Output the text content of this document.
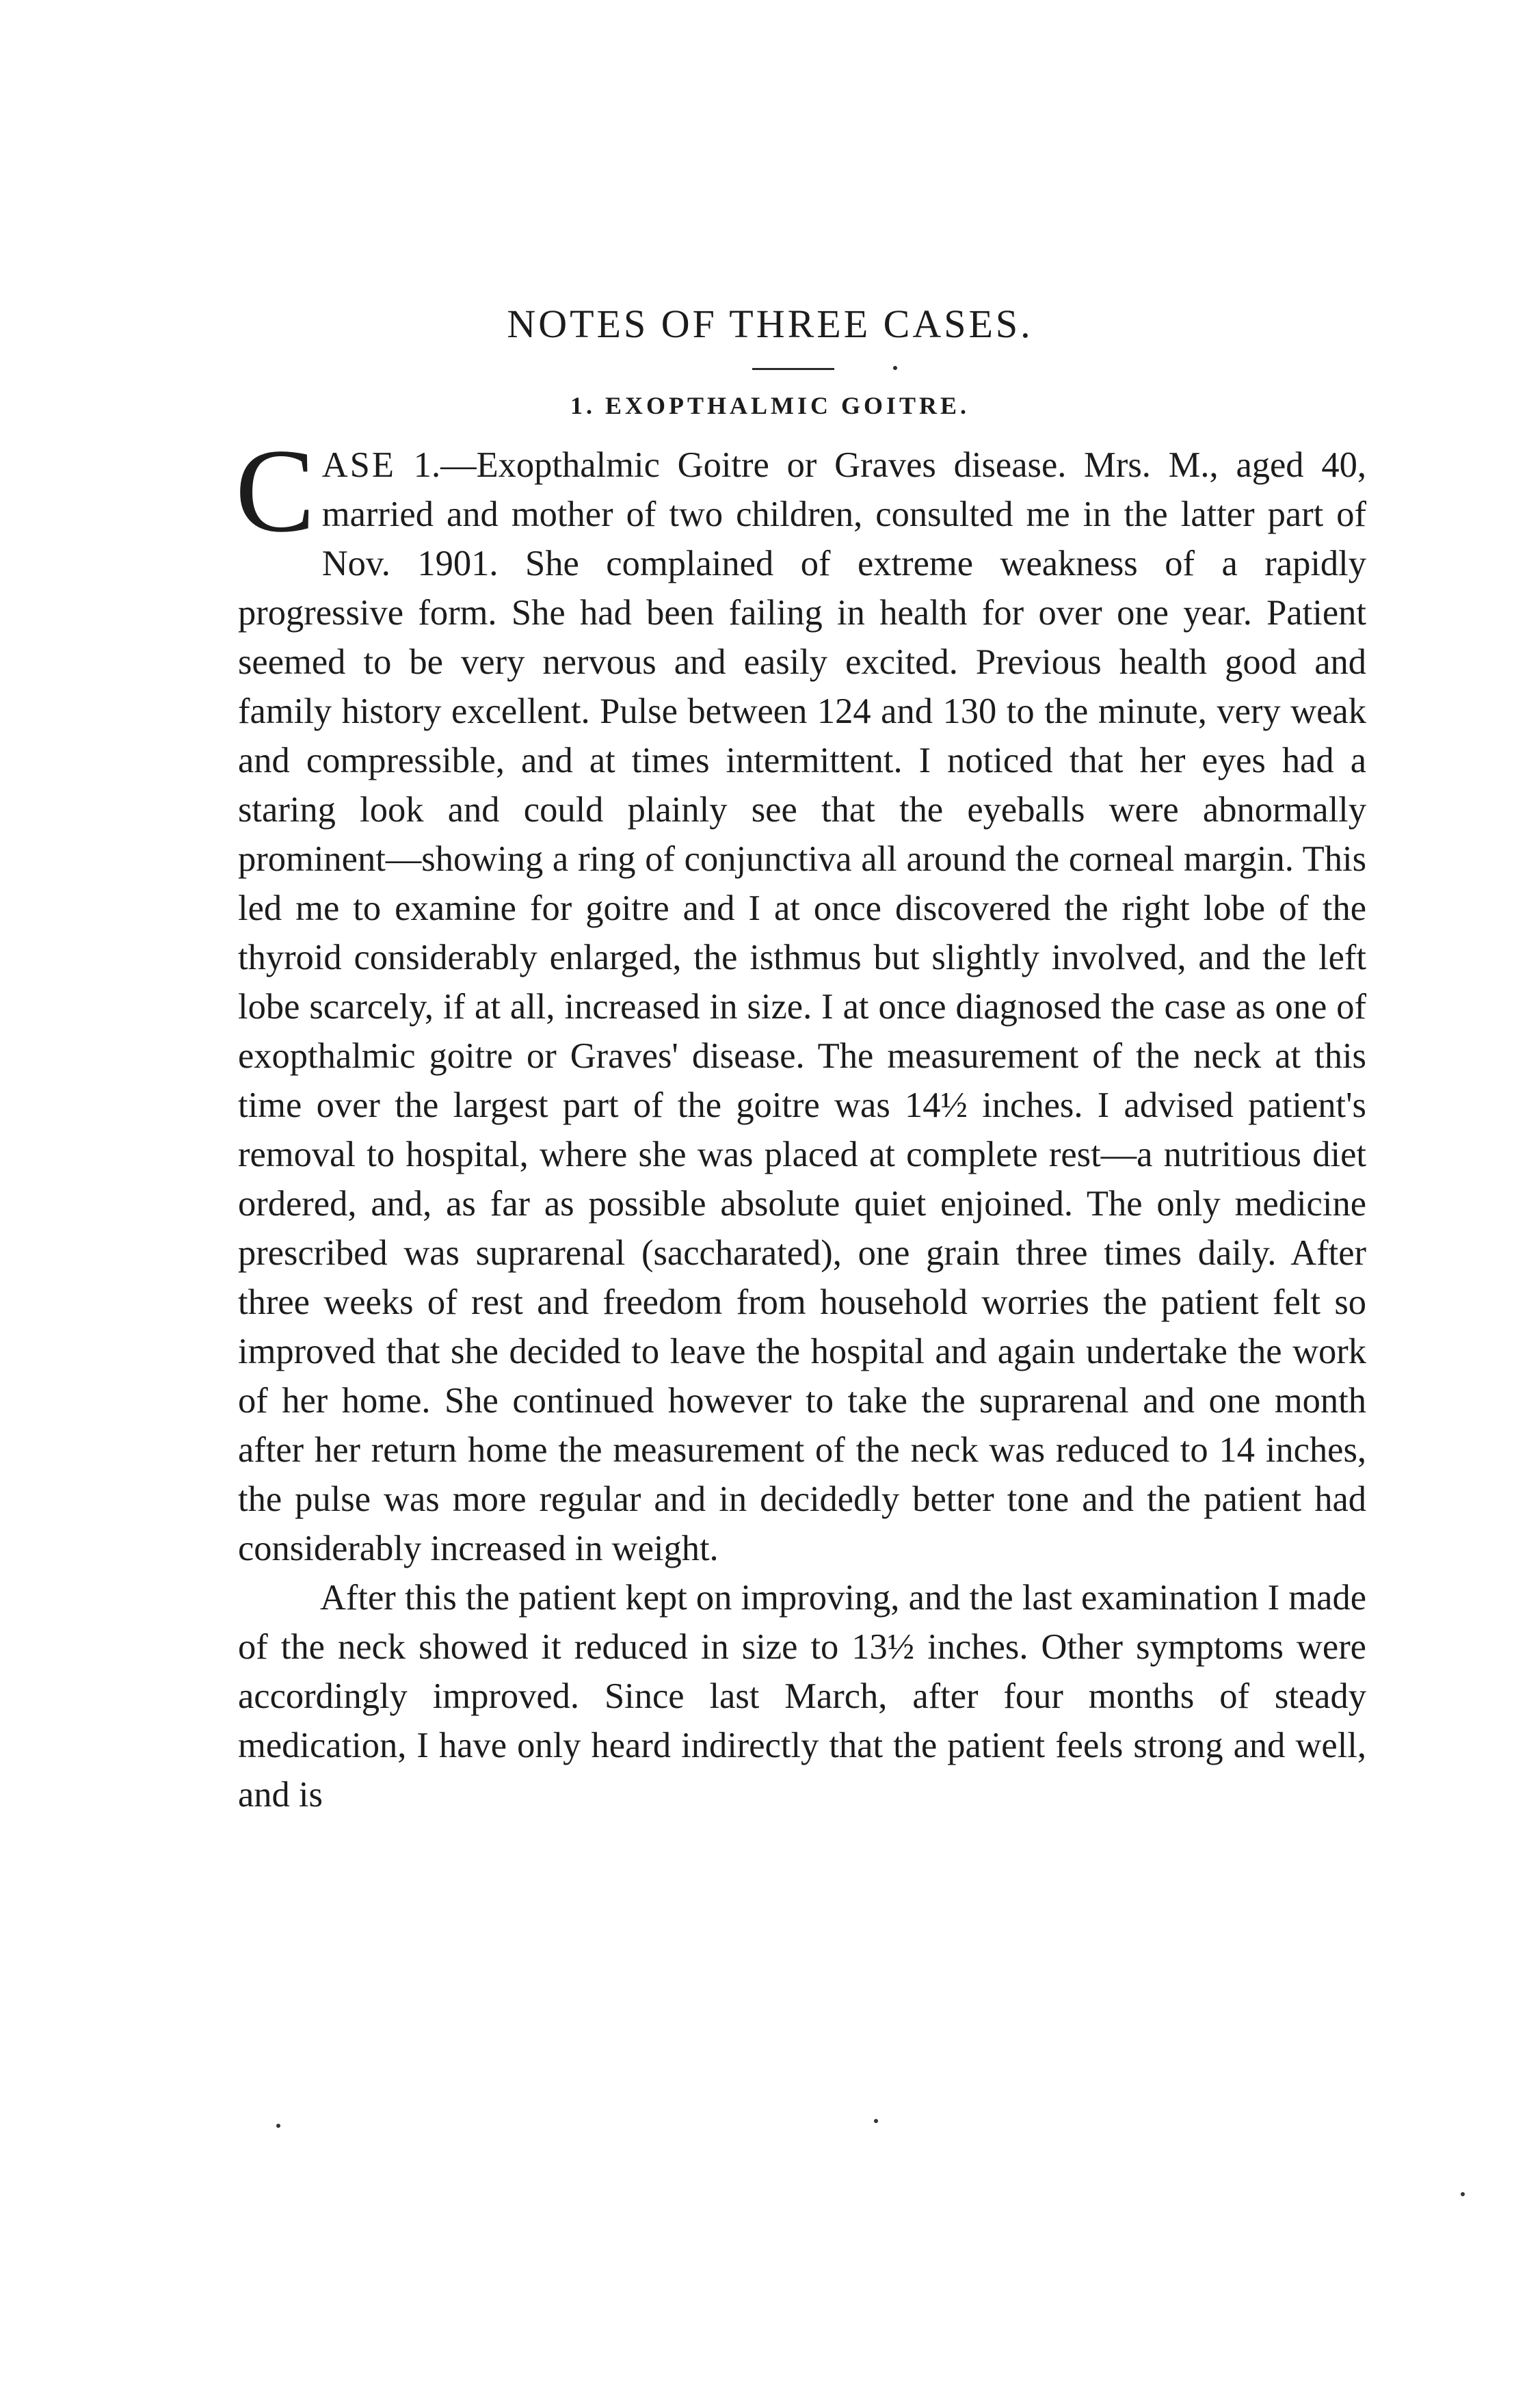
NOTES OF THREE CASES.
1. EXOPTHALMIC GOITRE.

CASE 1.—Exopthalmic Goitre or Graves disease. Mrs. M., aged 40, married and mother of two children, consulted me in the latter part of Nov. 1901. She complained of extreme weakness of a rapidly progressive form. She had been failing in health for over one year. Patient seemed to be very nervous and easily excited. Previous health good and family history excellent. Pulse between 124 and 130 to the minute, very weak and compressible, and at times intermittent. I noticed that her eyes had a staring look and could plainly see that the eyeballs were abnormally prominent—showing a ring of conjunctiva all around the corneal margin. This led me to examine for goitre and I at once discovered the right lobe of the thyroid considerably enlarged, the isthmus but slightly involved, and the left lobe scarcely, if at all, increased in size. I at once diagnosed the case as one of exopthalmic goitre or Graves' disease. The measurement of the neck at this time over the largest part of the goitre was 14½ inches. I advised patient's removal to hospital, where she was placed at complete rest—a nutritious diet ordered, and, as far as possible absolute quiet enjoined. The only medicine prescribed was suprarenal (saccharated), one grain three times daily. After three weeks of rest and freedom from household worries the patient felt so improved that she decided to leave the hospital and again undertake the work of her home. She continued however to take the suprarenal and one month after her return home the measurement of the neck was reduced to 14 inches, the pulse was more regular and in decidedly better tone and the patient had considerably increased in weight.

After this the patient kept on improving, and the last examination I made of the neck showed it reduced in size to 13½ inches. Other symptoms were accordingly improved. Since last March, after four months of steady medication, I have only heard indirectly that the patient feels strong and well, and is
